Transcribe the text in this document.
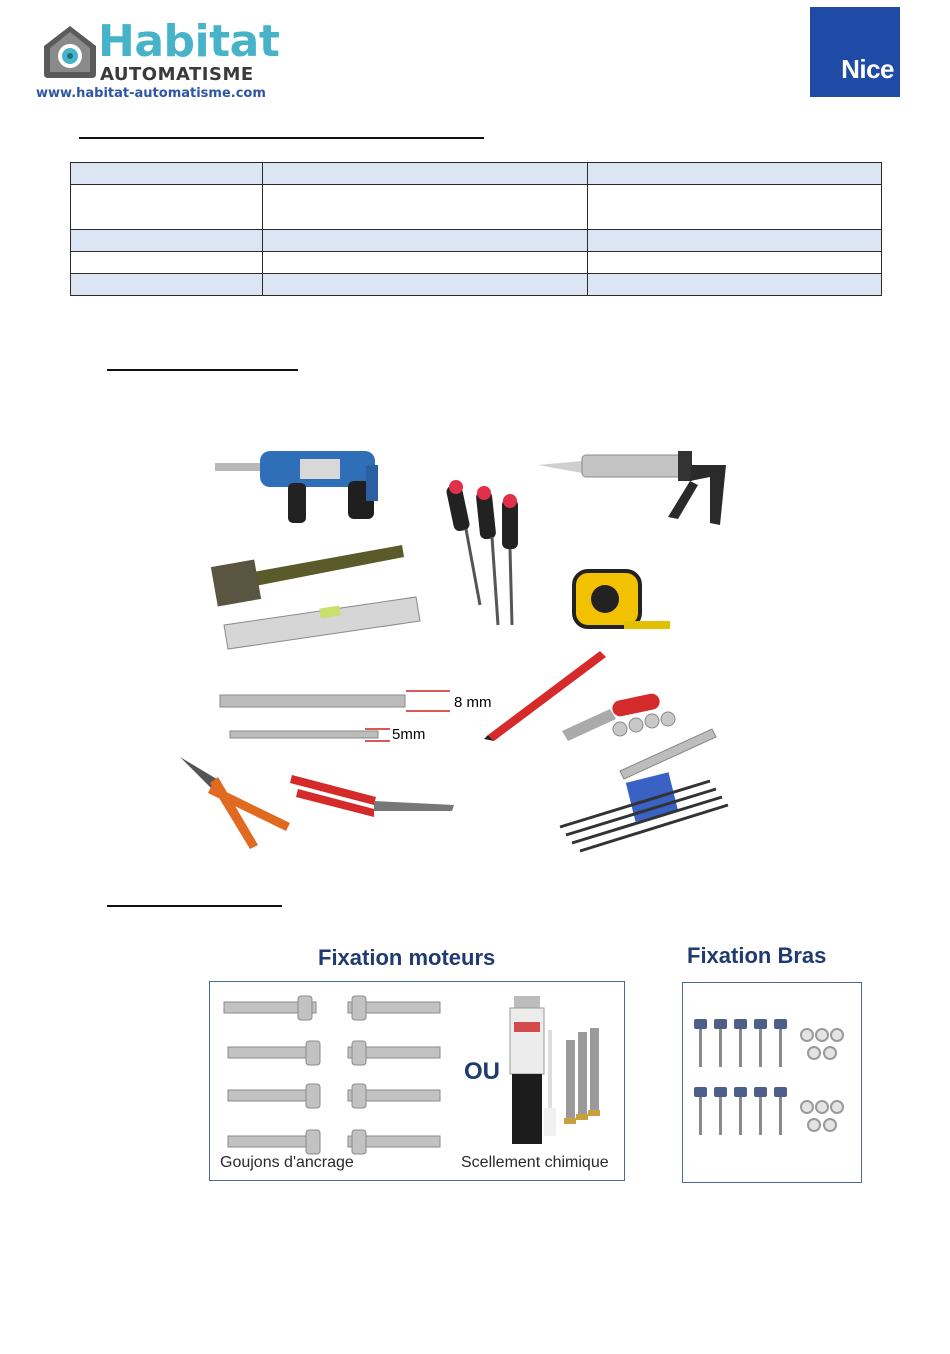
Habitat
AUTOMATISME
www.habitat-automatisme.com
Nice

8 mm
5mm
Fixation moteurs	Fixation Bras
OU
Goujons d'ancrage	Scellement chimique
